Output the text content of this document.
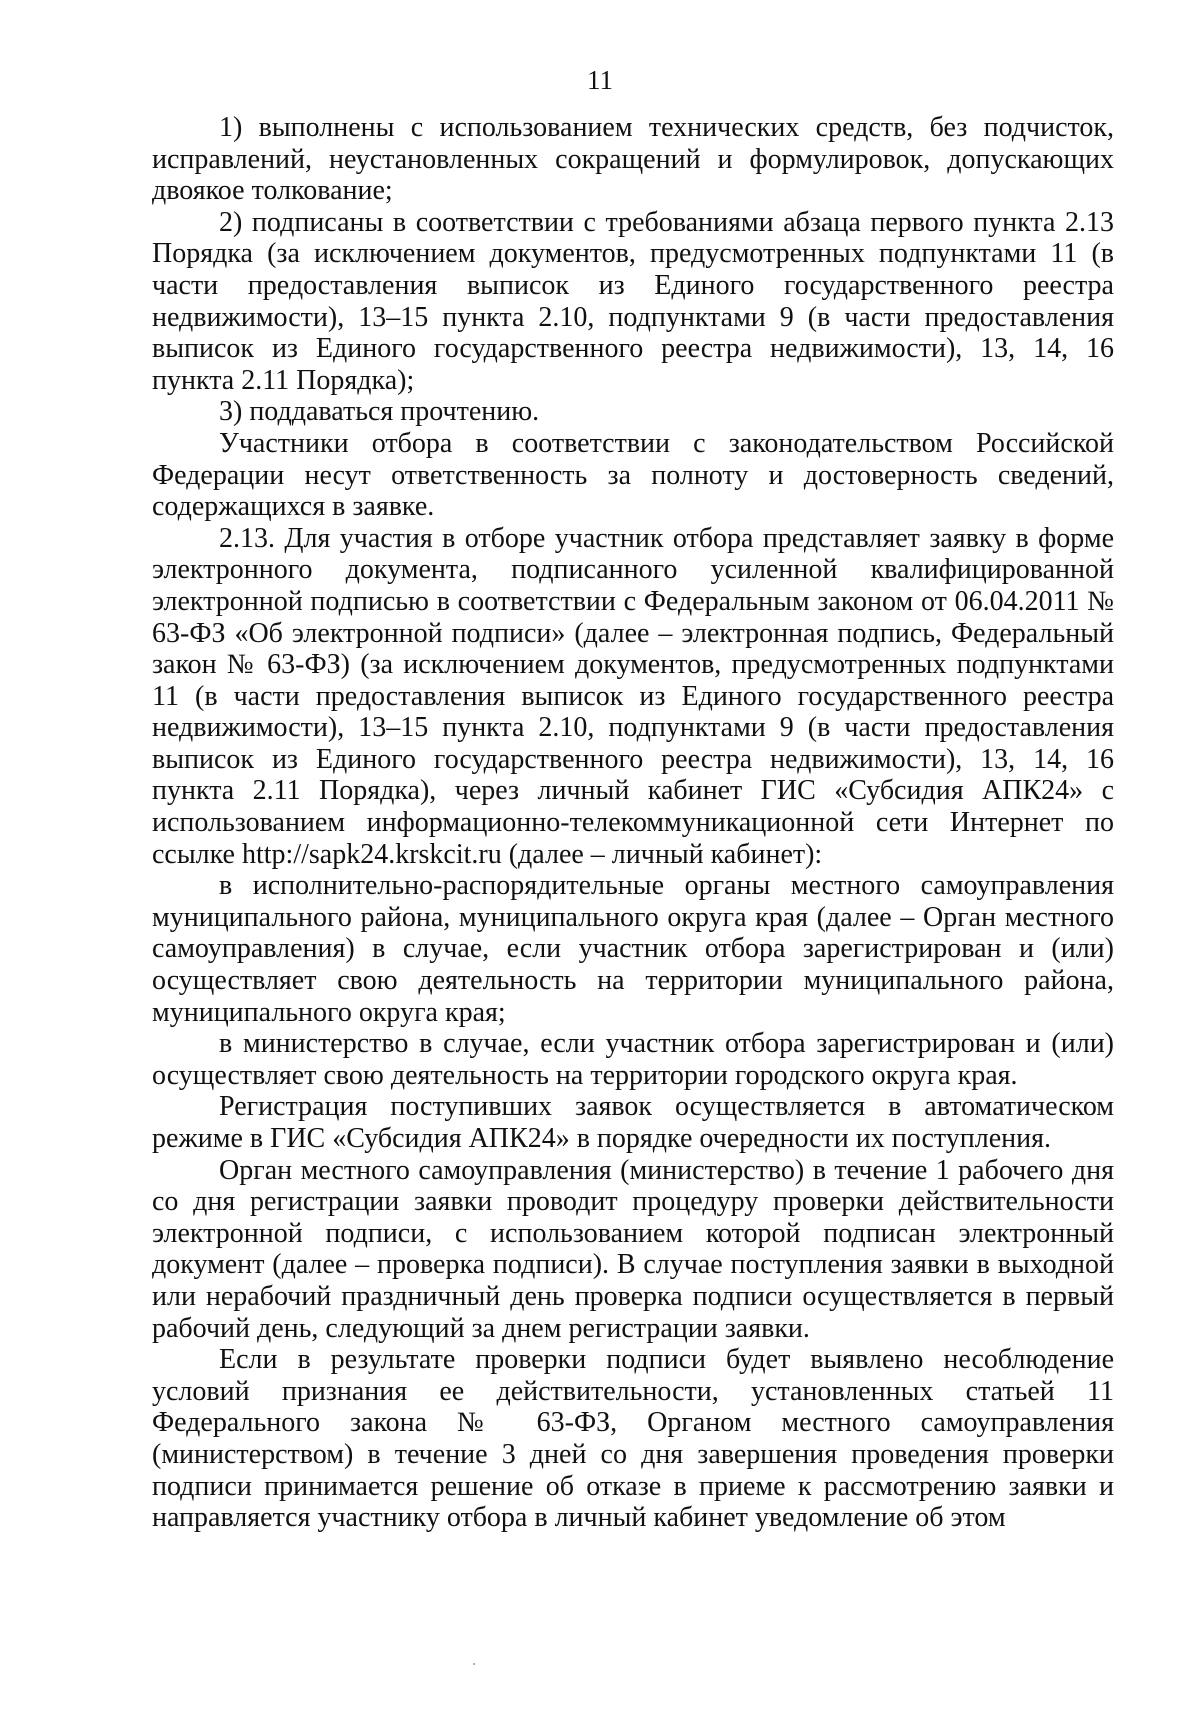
11

1) выполнены с использованием технических средств, без подчисток, исправлений, неустановленных сокращений и формулировок, допускающих двоякое толкование;

2) подписаны в соответствии с требованиями абзаца первого пункта 2.13 Порядка (за исключением документов, предусмотренных подпунктами 11 (в части предоставления выписок из Единого государственного реестра недвижимости), 13–15 пункта 2.10, подпунктами 9 (в части предоставления выписок из Единого государственного реестра недвижимости), 13, 14, 16 пункта 2.11 Порядка);

3) поддаваться прочтению.

Участники отбора в соответствии с законодательством Российской Федерации несут ответственность за полноту и достоверность сведений, содержащихся в заявке.

2.13. Для участия в отборе участник отбора представляет заявку в форме электронного документа, подписанного усиленной квалифицированной электронной подписью в соответствии с Федеральным законом от 06.04.2011 № 63-ФЗ «Об электронной подписи» (далее – электронная подпись, Федеральный закон № 63-ФЗ) (за исключением документов, предусмотренных подпунктами 11 (в части предоставления выписок из Единого государственного реестра недвижимости), 13–15 пункта 2.10, подпунктами 9 (в части предоставления выписок из Единого государственного реестра недвижимости), 13, 14, 16 пункта 2.11 Порядка), через личный кабинет ГИС «Субсидия АПК24» с использованием информационно-телекоммуникационной сети Интернет по ссылке http://sapk24.krskcit.ru (далее – личный кабинет):

в исполнительно-распорядительные органы местного самоуправления муниципального района, муниципального округа края (далее – Орган местного самоуправления) в случае, если участник отбора зарегистрирован и (или) осуществляет свою деятельность на территории муниципального района, муниципального округа края;

в министерство в случае, если участник отбора зарегистрирован и (или) осуществляет свою деятельность на территории городского округа края.

Регистрация поступивших заявок осуществляется в автоматическом режиме в ГИС «Субсидия АПК24» в порядке очередности их поступления.

Орган местного самоуправления (министерство) в течение 1 рабочего дня со дня регистрации заявки проводит процедуру проверки действительности электронной подписи, с использованием которой подписан электронный документ (далее – проверка подписи). В случае поступления заявки в выходной или нерабочий праздничный день проверка подписи осуществляется в первый рабочий день, следующий за днем регистрации заявки.

Если в результате проверки подписи будет выявлено несоблюдение условий признания ее действительности, установленных статьей 11 Федерального закона № 63-ФЗ, Органом местного самоуправления (министерством) в течение 3 дней со дня завершения проведения проверки подписи принимается решение об отказе в приеме к рассмотрению заявки и направляется участнику отбора в личный кабинет уведомление об этом
